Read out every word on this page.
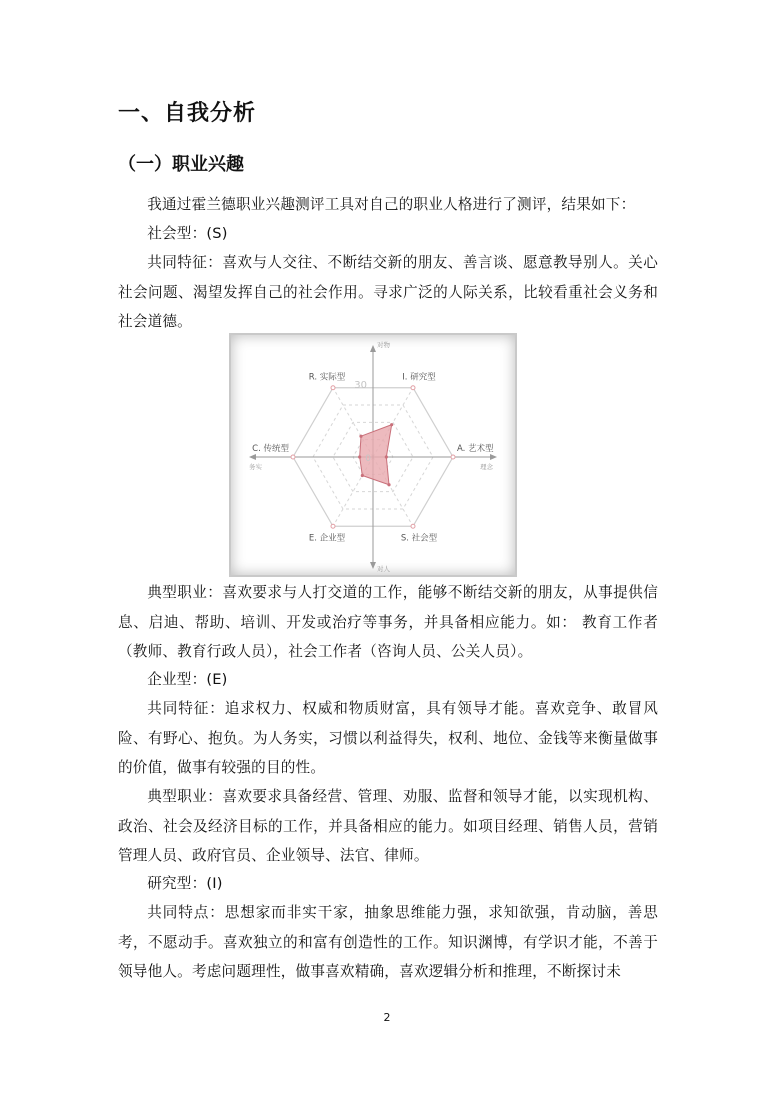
一、自我分析
（一）职业兴趣

我通过霍兰德职业兴趣测评工具对自己的职业人格进行了测评，结果如下：

社会型：(S)

共同特征：喜欢与人交往、不断结交新的朋友、善言谈、愿意教导别人。关心社会问题、渴望发挥自己的社会作用。寻求广泛的人际关系，比较看重社会义务和社会道德。

I. 研究型
A. 艺术型
S. 社会型
E. 企业型
C. 传统型
R. 实际型
对物
对人
务实	理念
30
0

典型职业：喜欢要求与人打交道的工作，能够不断结交新的朋友，从事提供信息、启迪、帮助、培训、开发或治疗等事务，并具备相应能力。如： 教育工作者（教师、教育行政人员），社会工作者（咨询人员、公关人员）。

企业型：(E)

共同特征：追求权力、权威和物质财富，具有领导才能。喜欢竞争、敢冒风险、有野心、抱负。为人务实，习惯以利益得失，权利、地位、金钱等来衡量做事的价值，做事有较强的目的性。

典型职业：喜欢要求具备经营、管理、劝服、监督和领导才能，以实现机构、政治、社会及经济目标的工作，并具备相应的能力。如项目经理、销售人员，营销管理人员、政府官员、企业领导、法官、律师。

研究型：(I)

共同特点：思想家而非实干家，抽象思维能力强，求知欲强，肯动脑，善思考，不愿动手。喜欢独立的和富有创造性的工作。知识渊博，有学识才能，不善于领导他人。考虑问题理性，做事喜欢精确，喜欢逻辑分析和推理，不断探讨未

2
